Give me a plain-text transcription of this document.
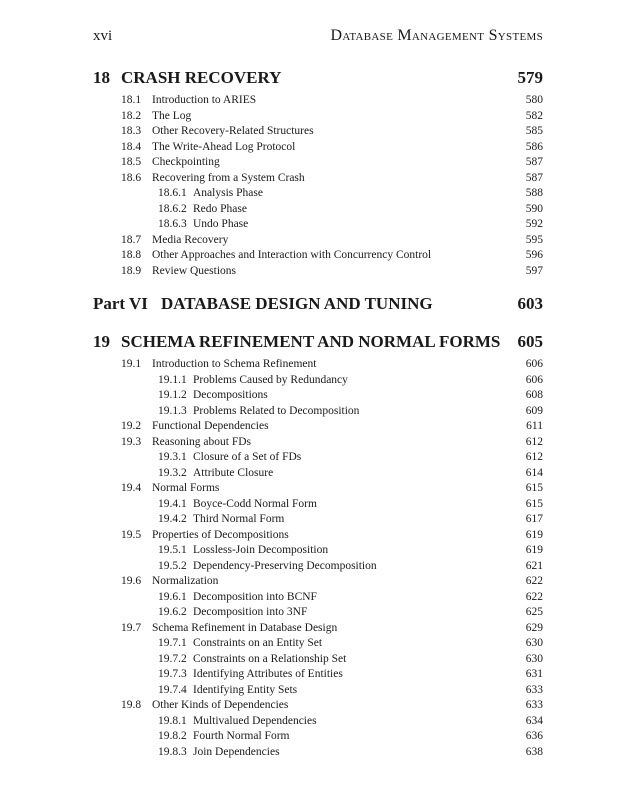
xvi	Database Management Systems
18 CRASH RECOVERY	579
18.1 Introduction to ARIES	580
18.2 The Log	582
18.3 Other Recovery-Related Structures	585
18.4 The Write-Ahead Log Protocol	586
18.5 Checkpointing	587
18.6 Recovering from a System Crash	587
18.6.1 Analysis Phase	588
18.6.2 Redo Phase	590
18.6.3 Undo Phase	592
18.7 Media Recovery	595
18.8 Other Approaches and Interaction with Concurrency Control	596
18.9 Review Questions	597
Part VI DATABASE DESIGN AND TUNING	603
19 SCHEMA REFINEMENT AND NORMAL FORMS	605
19.1 Introduction to Schema Refinement	606
19.1.1 Problems Caused by Redundancy	606
19.1.2 Decompositions	608
19.1.3 Problems Related to Decomposition	609
19.2 Functional Dependencies	611
19.3 Reasoning about FDs	612
19.3.1 Closure of a Set of FDs	612
19.3.2 Attribute Closure	614
19.4 Normal Forms	615
19.4.1 Boyce-Codd Normal Form	615
19.4.2 Third Normal Form	617
19.5 Properties of Decompositions	619
19.5.1 Lossless-Join Decomposition	619
19.5.2 Dependency-Preserving Decomposition	621
19.6 Normalization	622
19.6.1 Decomposition into BCNF	622
19.6.2 Decomposition into 3NF	625
19.7 Schema Refinement in Database Design	629
19.7.1 Constraints on an Entity Set	630
19.7.2 Constraints on a Relationship Set	630
19.7.3 Identifying Attributes of Entities	631
19.7.4 Identifying Entity Sets	633
19.8 Other Kinds of Dependencies	633
19.8.1 Multivalued Dependencies	634
19.8.2 Fourth Normal Form	636
19.8.3 Join Dependencies	638
